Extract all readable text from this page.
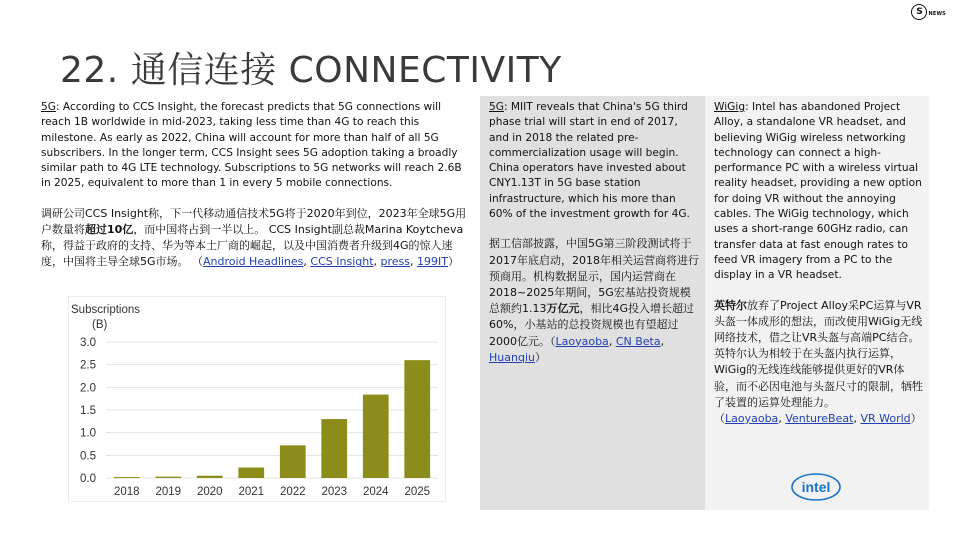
S	NEWS
22. 通信连接 CONNECTIVITY

5G: According to CCS Insight, the forecast predicts that 5G connections will reach 1B worldwide in mid-2023, taking less time than 4G to reach this milestone. As early as 2022, China will account for more than half of all 5G subscribers. In the longer term, CCS Insight sees 5G adoption taking a broadly similar path to 4G LTE technology. Subscriptions to 5G networks will reach 2.6B in 2025, equivalent to more than 1 in every 5 mobile connections.

调研公司CCS Insight称，下一代移动通信技术5G将于2020年到位，2023年全球5G用户数量将超过10亿，而中国将占到一半以上。 CCS Insight副总裁Marina Koytcheva称，得益于政府的支持、华为等本土厂商的崛起，以及中国消费者升级到4G的惊人速度，中国将主导全球5G市场。 （Android Headlines, CCS Insight, press, 199IT）

Subscriptions
(B)
0.0
0.5
1.0
1.5
2.0
2.5
3.0
2018 2019 2020 2021 2022 2023 2024 2025

5G: MIIT reveals that China's 5G third phase trial will start in end of 2017, and in 2018 the related pre-commercialization usage will begin. China operators have invested about CNY1.13T in 5G base station infrastructure, which his more than 60% of the investment growth for 4G.

据工信部披露，中国5G第三阶段测试将于2017年底启动，2018年相关运营商将进行预商用。机构数据显示，国内运营商在2018~2025年期间，5G宏基站投资规模总额约1.13万亿元，相比4G投入增长超过60%，小基站的总投资规模也有望超过2000亿元。（Laoyaoba, CN Beta, Huanqiu）

WiGig: Intel has abandoned Project Alloy, a standalone VR headset, and believing WiGig wireless networking technology can connect a high-performance PC with a wireless virtual reality headset, providing a new option for doing VR without the annoying cables. The WiGig technology, which uses a short-range 60GHz radio, can transfer data at fast enough rates to feed VR imagery from a PC to the display in a VR headset.

英特尔放弃了Project Alloy采PC运算与VR头盔一体成形的想法，而改使用WiGig无线网络技术，借之让VR头盔与高端PC结合。英特尔认为相较于在头盔内执行运算，WiGig的无线连线能够提供更好的VR体验，而不必因电池与头盔尺寸的限制，牺牲了装置的运算处理能力。
（Laoyaoba, VentureBeat, VR World）

intel
